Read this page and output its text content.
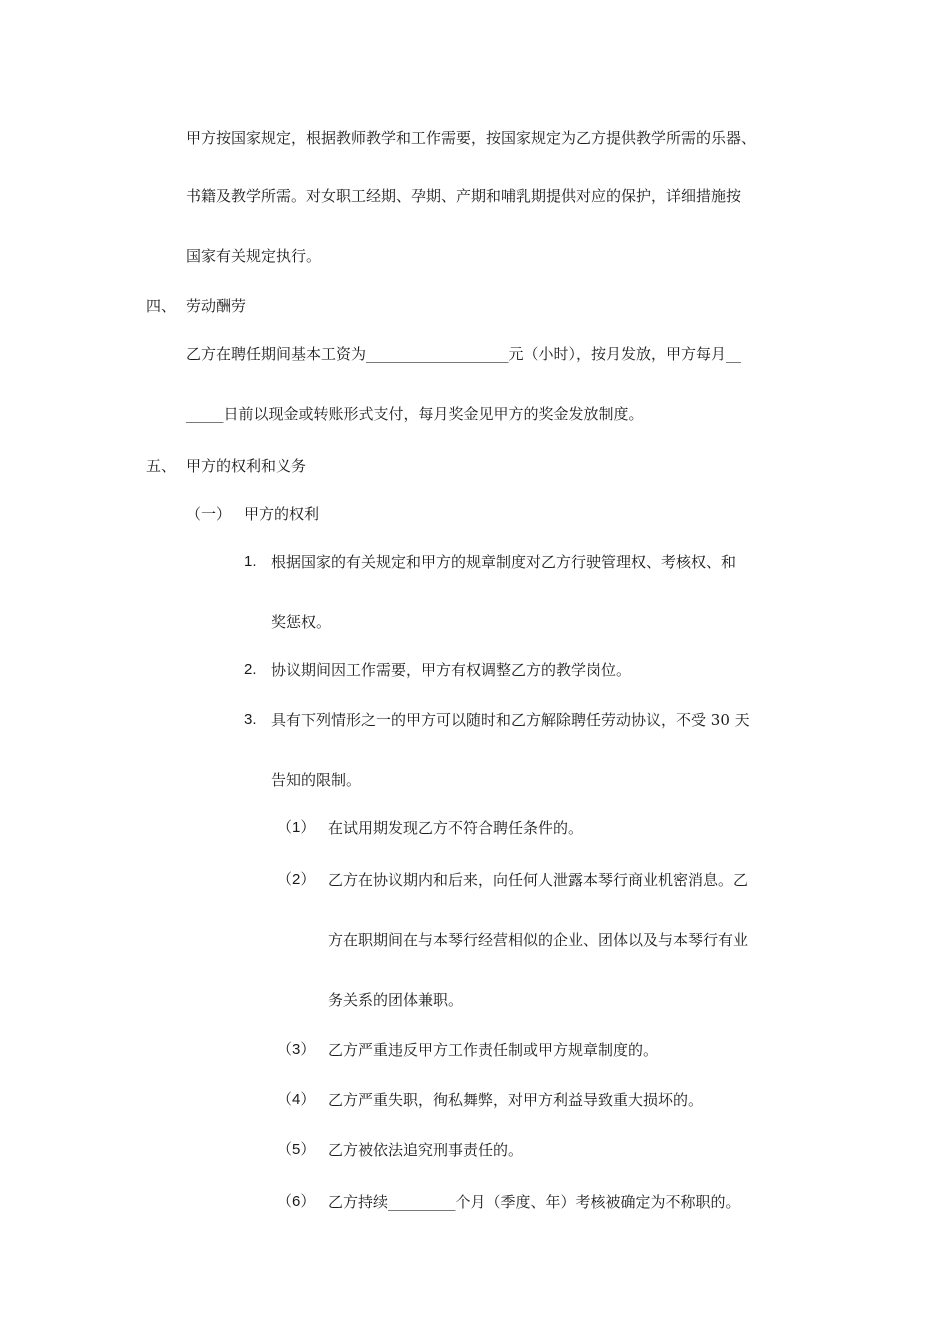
甲方按国家规定，根据教师教学和工作需要，按国家规定为乙方提供教学所需的乐器、
书籍及教学所需。对女职工经期、孕期、产期和哺乳期提供对应的保护，详细措施按
国家有关规定执行。
四、 劳动酬劳
乙方在聘任期间基本工资为___________________元（小时），按月发放，甲方每月__
_____日前以现金或转账形式支付，每月奖金见甲方的奖金发放制度。
五、 甲方的权利和义务
（一） 甲方的权利
1. 根据国家的有关规定和甲方的规章制度对乙方行驶管理权、考核权、和
奖惩权。
2. 协议期间因工作需要，甲方有权调整乙方的教学岗位。
3. 具有下列情形之一的甲方可以随时和乙方解除聘任劳动协议，不受 30 天
告知的限制。
（1） 在试用期发现乙方不符合聘任条件的。
（2） 乙方在协议期内和后来，向任何人泄露本琴行商业机密消息。乙
方在职期间在与本琴行经营相似的企业、团体以及与本琴行有业
务关系的团体兼职。
（3） 乙方严重违反甲方工作责任制或甲方规章制度的。
（4） 乙方严重失职，徇私舞弊，对甲方利益导致重大损坏的。
（5） 乙方被依法追究刑事责任的。
（6） 乙方持续_________个月（季度、年）考核被确定为不称职的。
